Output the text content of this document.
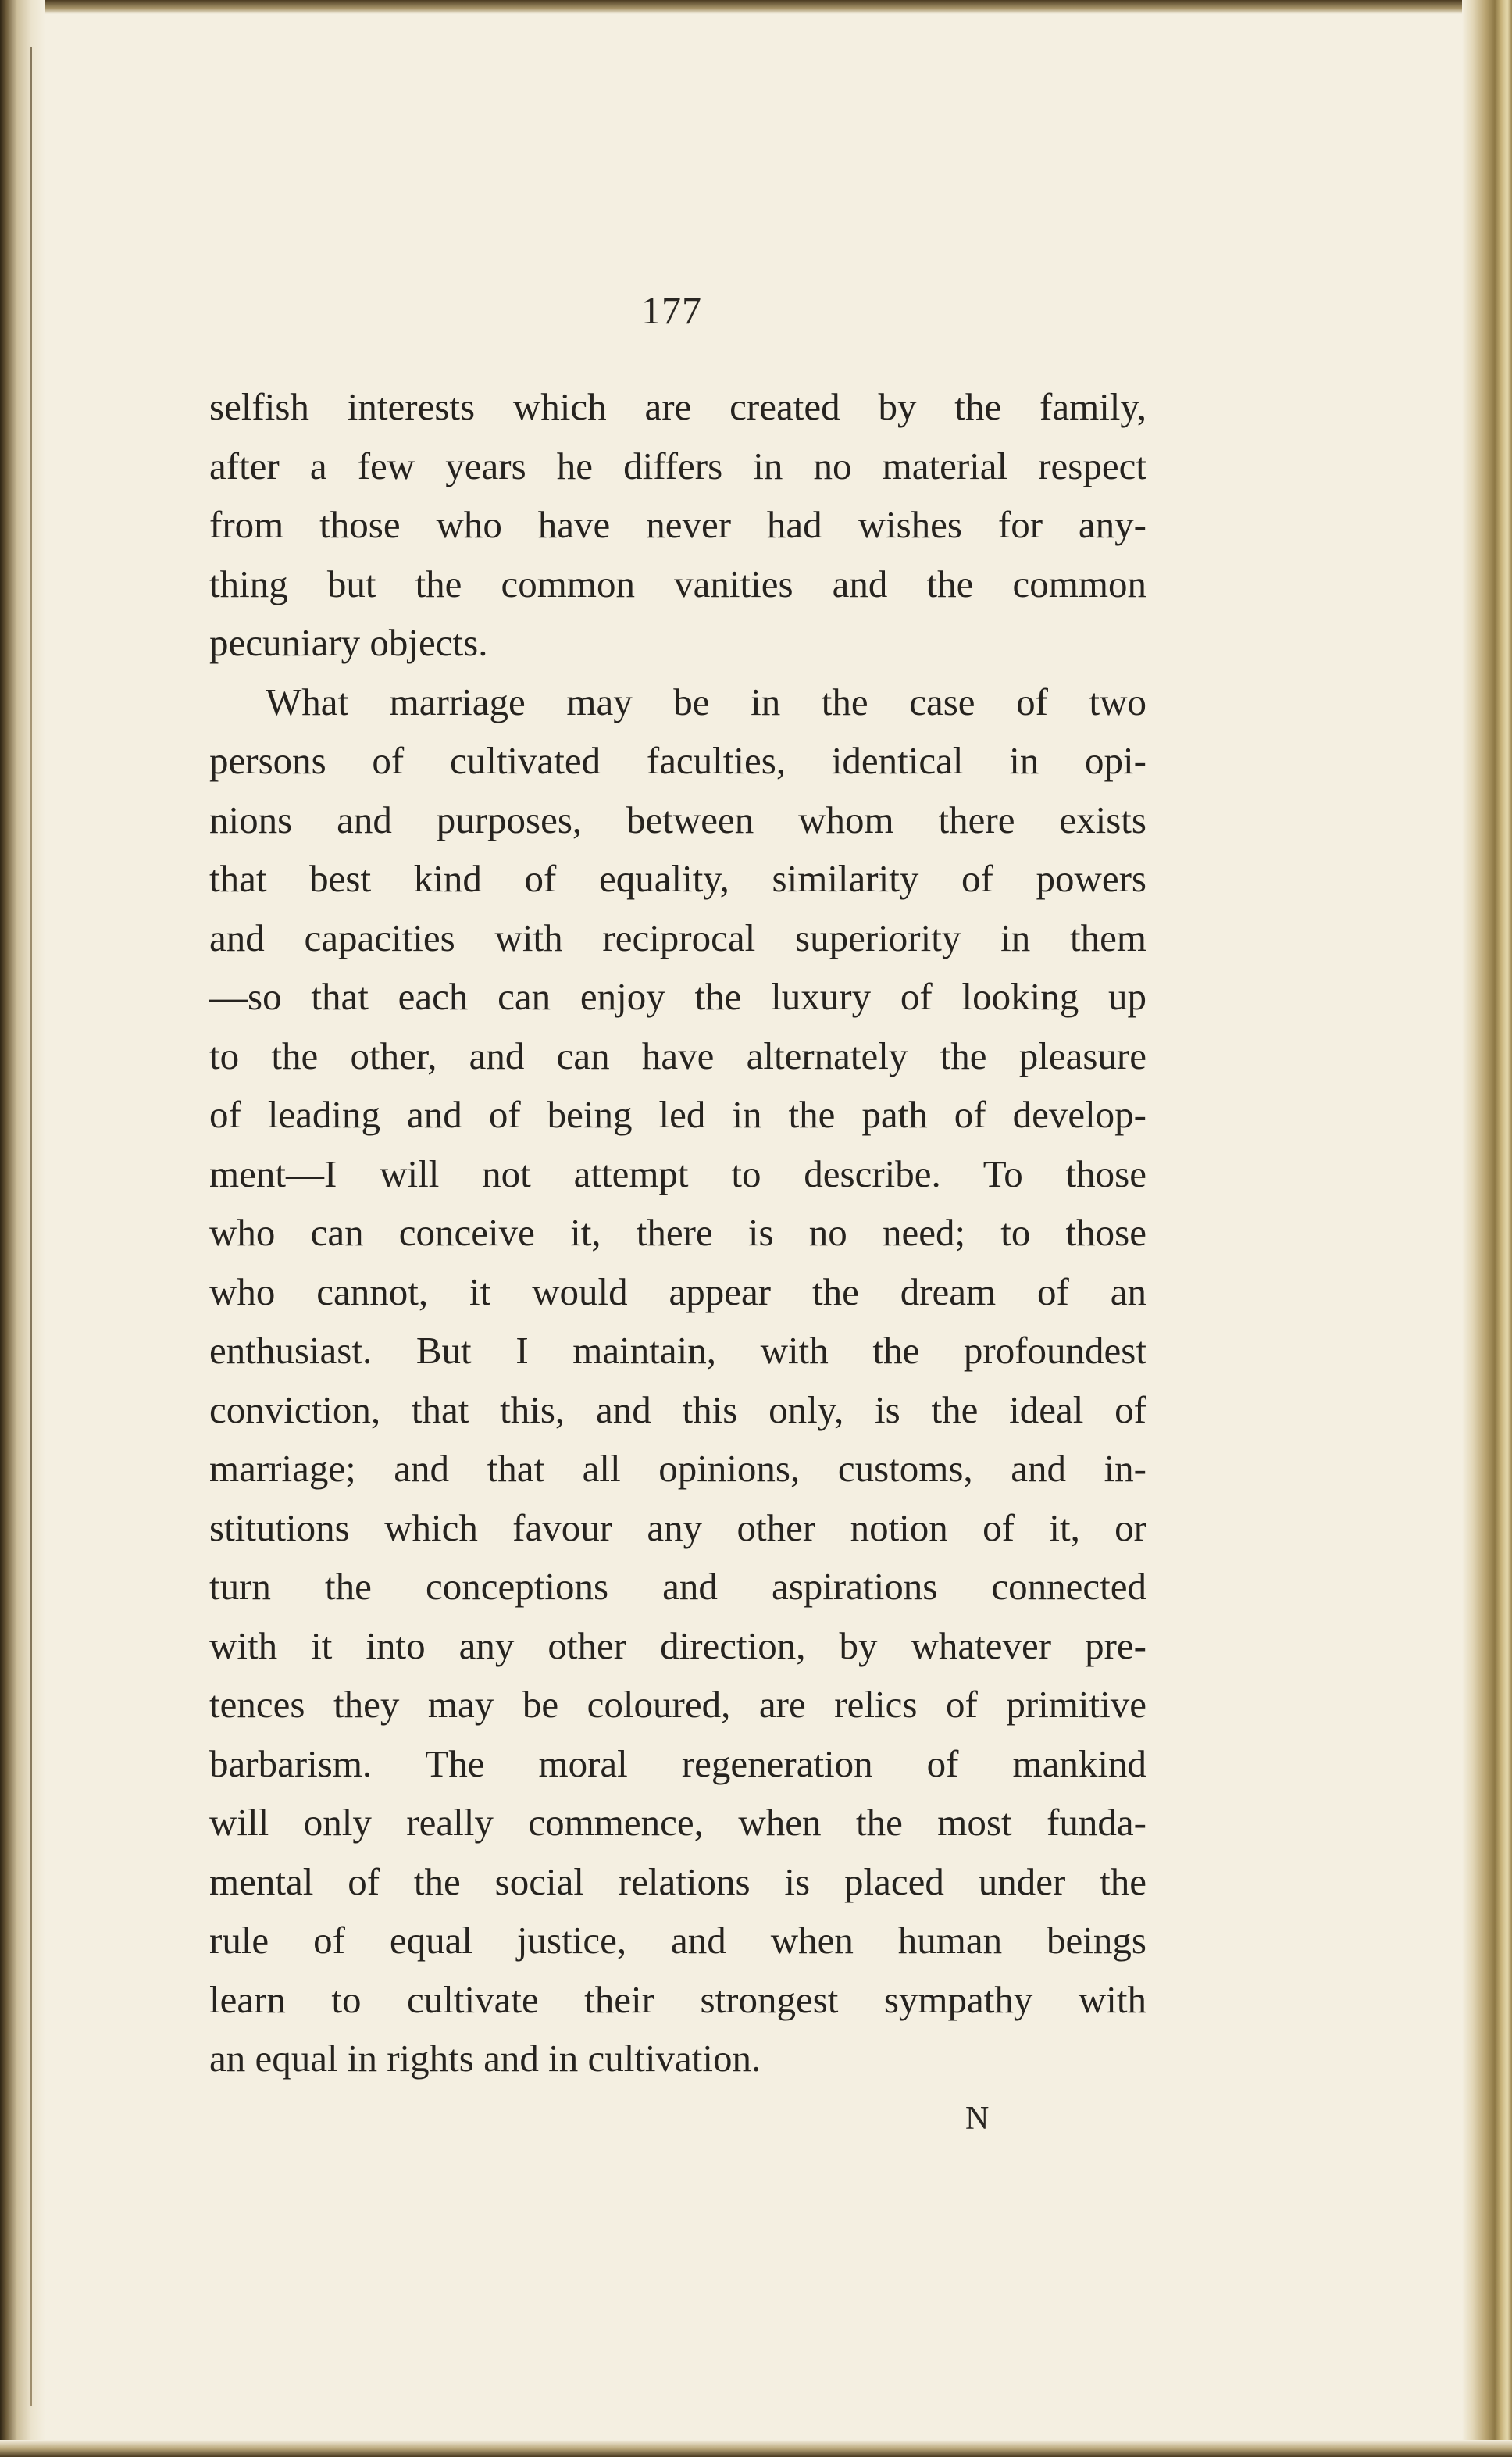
177
selfish interests which are created by the family,
after a few years he differs in no material respect
from those who have never had wishes for any-
thing but the common vanities and the common
pecuniary objects.
What marriage may be in the case of two
persons of cultivated faculties, identical in opi-
nions and purposes, between whom there exists
that best kind of equality, similarity of powers
and capacities with reciprocal superiority in them
—so that each can enjoy the luxury of looking up
to the other, and can have alternately the pleasure
of leading and of being led in the path of develop-
ment—I will not attempt to describe. To those
who can conceive it, there is no need; to those
who cannot, it would appear the dream of an
enthusiast. But I maintain, with the profoundest
conviction, that this, and this only, is the ideal of
marriage; and that all opinions, customs, and in-
stitutions which favour any other notion of it, or
turn the conceptions and aspirations connected
with it into any other direction, by whatever pre-
tences they may be coloured, are relics of primitive
barbarism. The moral regeneration of mankind
will only really commence, when the most funda-
mental of the social relations is placed under the
rule of equal justice, and when human beings
learn to cultivate their strongest sympathy with
an equal in rights and in cultivation.
N
